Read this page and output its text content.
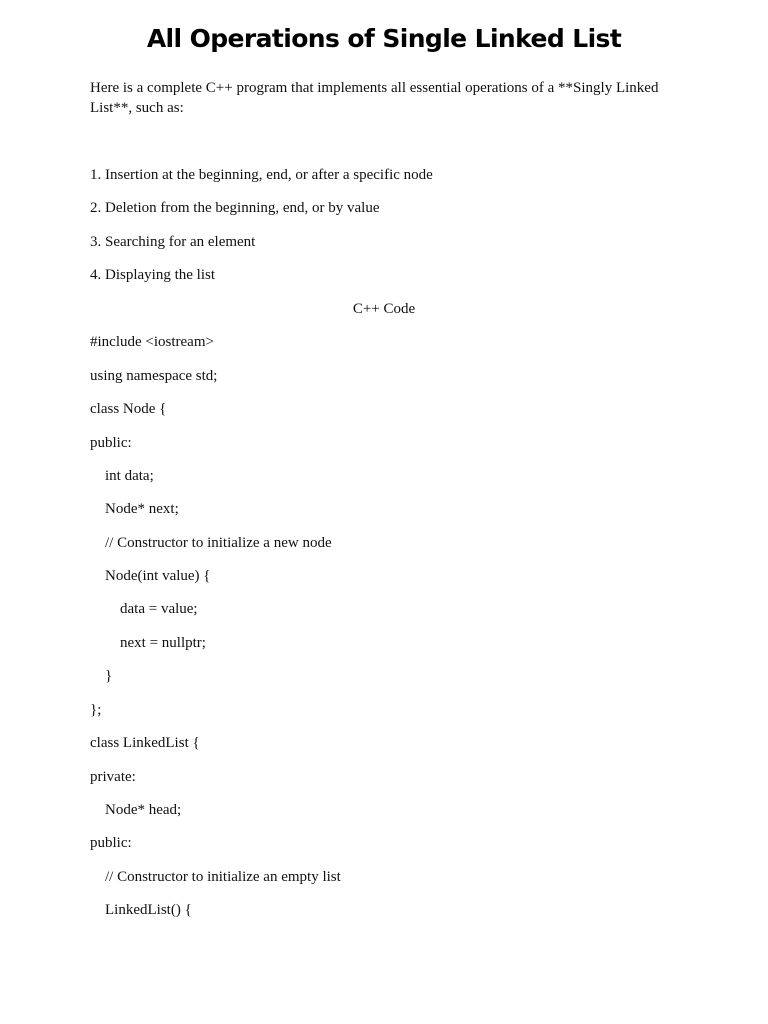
All Operations of Single Linked List

Here is a complete C++ program that implements all essential operations of a **Singly Linked List**, such as:

1. Insertion at the beginning, end, or after a specific node
2. Deletion from the beginning, end, or by value
3. Searching for an element
4. Displaying the list
C++ Code
#include <iostream>
using namespace std;
class Node {
public:
int data;
Node* next;
// Constructor to initialize a new node
Node(int value) {
data = value;
next = nullptr;
}
};
class LinkedList {
private:
Node* head;
public:
// Constructor to initialize an empty list
LinkedList() {
